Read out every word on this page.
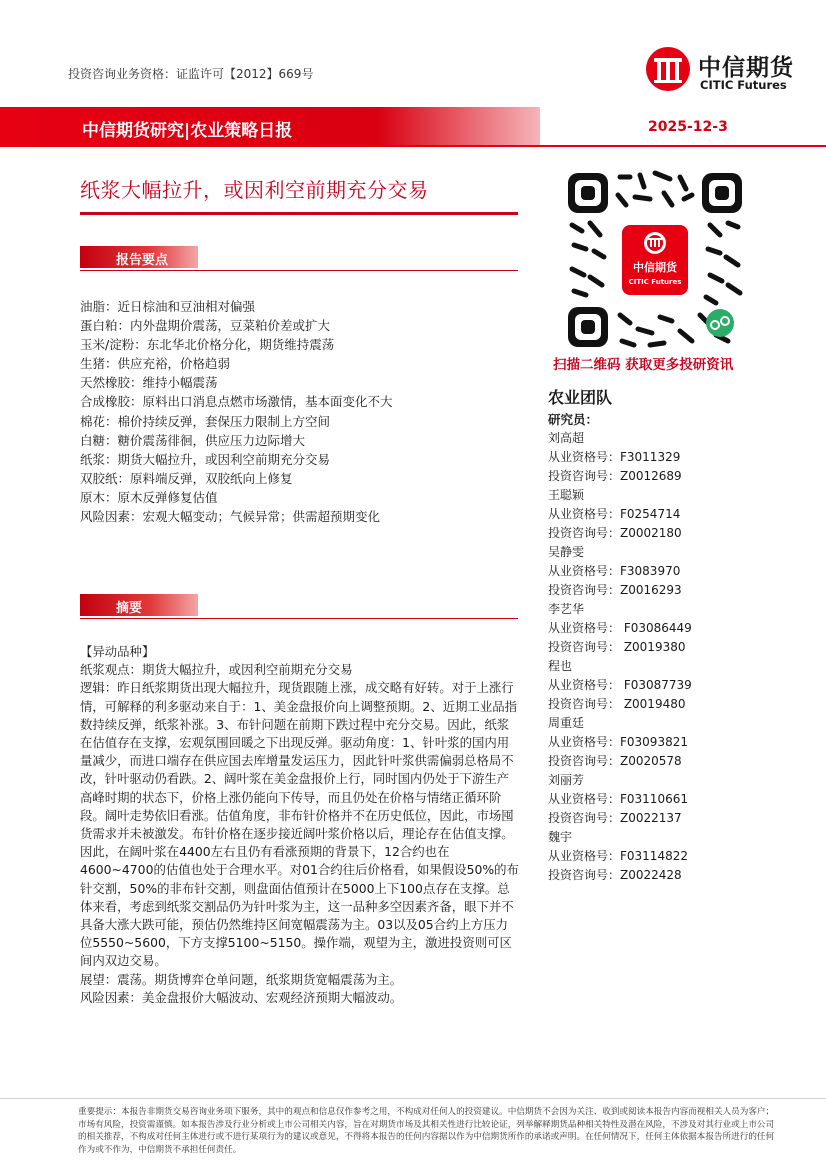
投资咨询业务资格：证监许可【2012】669号	中信期货
CITIC Futures
中信期货研究|农业策略日报	2025-12-3
纸浆大幅拉升，或因利空前期充分交易
报告要点
油脂：近日棕油和豆油相对偏强
蛋白粕：内外盘期价震荡，豆菜粕价差或扩大
玉米/淀粉：东北华北价格分化，期货维持震荡
生猪：供应充裕，价格趋弱
天然橡胶：维持小幅震荡
合成橡胶：原料出口消息点燃市场激情，基本面变化不大
棉花：棉价持续反弹，套保压力限制上方空间
白糖：糖价震荡徘徊，供应压力边际增大
纸浆：期货大幅拉升，或因利空前期充分交易
双胶纸：原料端反弹，双胶纸向上修复
原木：原木反弹修复估值
风险因素：宏观大幅变动；气候异常；供需超预期变化
摘要
【异动品种】
纸浆观点：期货大幅拉升，或因利空前期充分交易
逻辑：昨日纸浆期货出现大幅拉升，现货跟随上涨，成交略有好转。对于上涨行情，可解释的利多驱动来自于：1、美金盘报价向上调整预期。2、近期工业品指数持续反弹，纸浆补涨。3、布针问题在前期下跌过程中充分交易。因此，纸浆在估值存在支撑，宏观氛围回暖之下出现反弹。驱动角度：1、针叶浆的国内用量减少，而进口端存在供应国去库增量发运压力，因此针叶浆供需偏弱总格局不改，针叶驱动仍看跌。2、阔叶浆在美金盘报价上行，同时国内仍处于下游生产高峰时期的状态下，价格上涨仍能向下传导，而且仍处在价格与情绪正循环阶段。阔叶走势依旧看涨。估值角度，非布针价格并不在历史低位，因此，市场囤货需求并未被激发。布针价格在逐步接近阔叶浆价格以后，理论存在估值支撑。因此，在阔叶浆在4400左右且仍有看涨预期的背景下，12合约也在4600~4700的估值也处于合理水平。对01合约往后价格看，如果假设50%的布针交割，50%的非布针交割，则盘面估值预计在5000上下100点存在支撑。总体来看，考虑到纸浆交割品仍为针叶浆为主，这一品种多空因素齐备，眼下并不具备大涨大跌可能，预估仍然维持区间宽幅震荡为主。03以及05合约上方压力位5550~5600，下方支撑5100~5150。操作端，观望为主，激进投资则可区间内双边交易。
展望：震荡。期货博弈仓单问题，纸浆期货宽幅震荡为主。
风险因素：美金盘报价大幅波动、宏观经济预期大幅波动。
中信期货
CITIC Futures
扫描二维码 获取更多投研资讯
农业团队
研究员：
刘高超
从业资格号：F3011329
投资咨询号：Z0012689
王聪颖
从业资格号：F0254714
投资咨询号：Z0002180
吴静雯
从业资格号：F3083970
投资咨询号：Z0016293
李艺华
从业资格号： F03086449
投资咨询号： Z0019380
程也
从业资格号： F03087739
投资咨询号： Z0019480
周重廷
从业资格号：F03093821
投资咨询号：Z0020578
刘丽芳
从业资格号：F03110661
投资咨询号：Z0022137
魏宇
从业资格号：F03114822
投资咨询号：Z0022428
重要提示：本报告非期货交易咨询业务项下服务，其中的观点和信息仅作参考之用，不构成对任何人的投资建议。中信期货不会因为关注、收到或阅读本报告内容而视相关人员为客户；市场有风险，投资需谨慎。如本报告涉及行业分析或上市公司相关内容，旨在对期货市场及其相关性进行比较论证，列举解释期货品种相关特性及潜在风险，不涉及对其行业或上市公司的相关推荐，不构成对任何主体进行或不进行某项行为的建议或意见，不得将本报告的任何内容据以作为中信期货所作的承诺或声明。在任何情况下，任何主体依据本报告所进行的任何作为或不作为，中信期货不承担任何责任。
